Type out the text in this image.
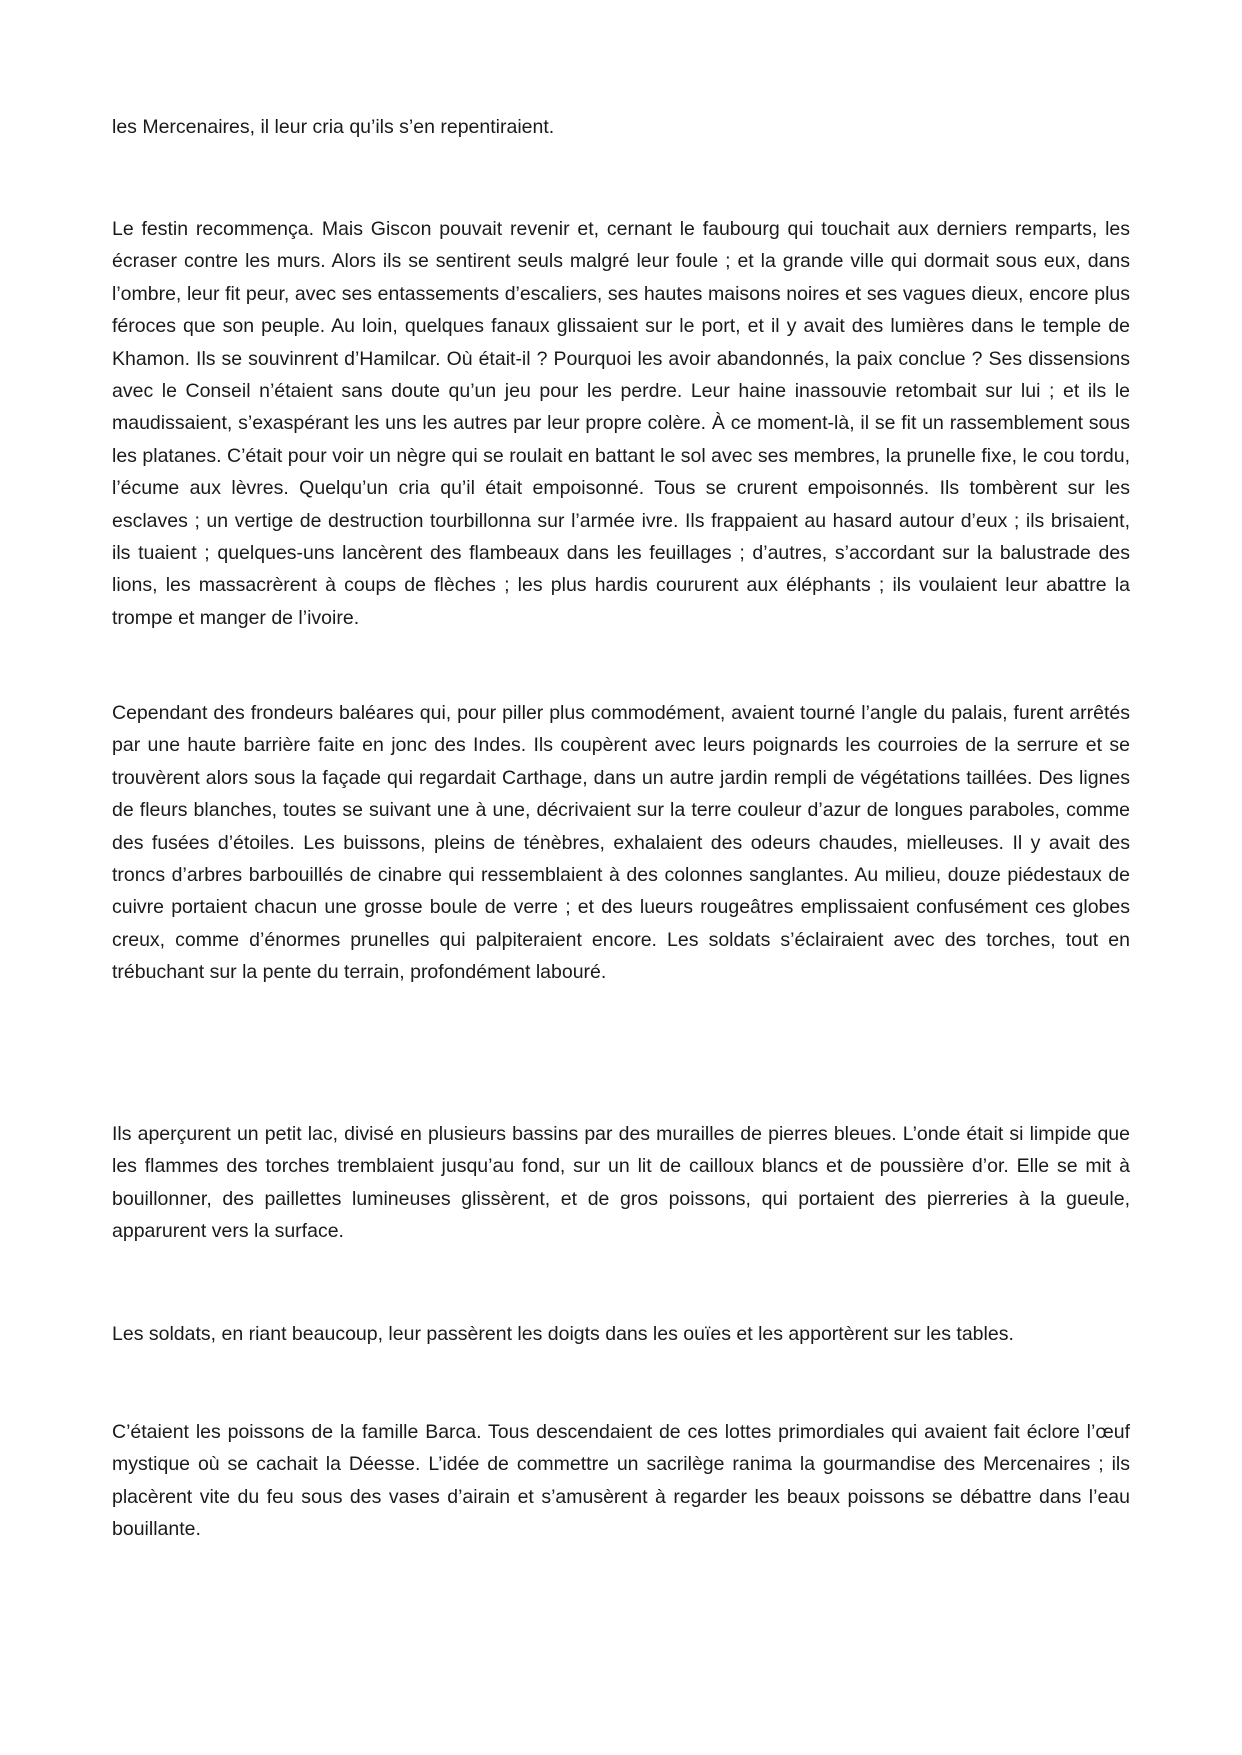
les Mercenaires, il leur cria qu’ils s’en repentiraient.

Le festin recommença. Mais Giscon pouvait revenir et, cernant le faubourg qui touchait aux derniers remparts, les écraser contre les murs. Alors ils se sentirent seuls malgré leur foule ; et la grande ville qui dormait sous eux, dans l’ombre, leur fit peur, avec ses entassements d’escaliers, ses hautes maisons noires et ses vagues dieux, encore plus féroces que son peuple. Au loin, quelques fanaux glissaient sur le port, et il y avait des lumières dans le temple de Khamon. Ils se souvinrent d’Hamilcar. Où était-il ? Pourquoi les avoir abandonnés, la paix conclue ? Ses dissensions avec le Conseil n’étaient sans doute qu’un jeu pour les perdre. Leur haine inassouvie retombait sur lui ; et ils le maudissaient, s’exaspérant les uns les autres par leur propre colère. À ce moment-là, il se fit un rassemblement sous les platanes. C’était pour voir un nègre qui se roulait en battant le sol avec ses membres, la prunelle fixe, le cou tordu, l’écume aux lèvres. Quelqu’un cria qu’il était empoisonné. Tous se crurent empoisonnés. Ils tombèrent sur les esclaves ; un vertige de destruction tourbillonna sur l’armée ivre. Ils frappaient au hasard autour d’eux ; ils brisaient, ils tuaient ; quelques-uns lancèrent des flambeaux dans les feuillages ; d’autres, s’accordant sur la balustrade des lions, les massacrèrent à coups de flèches ; les plus hardis coururent aux éléphants ; ils voulaient leur abattre la trompe et manger de l’ivoire.

Cependant des frondeurs baléares qui, pour piller plus commodément, avaient tourné l’angle du palais, furent arrêtés par une haute barrière faite en jonc des Indes. Ils coupèrent avec leurs poignards les courroies de la serrure et se trouvèrent alors sous la façade qui regardait Carthage, dans un autre jardin rempli de végétations taillées. Des lignes de fleurs blanches, toutes se suivant une à une, décrivaient sur la terre couleur d’azur de longues paraboles, comme des fusées d’étoiles. Les buissons, pleins de ténèbres, exhalaient des odeurs chaudes, mielleuses. Il y avait des troncs d’arbres barbouillés de cinabre qui ressemblaient à des colonnes sanglantes. Au milieu, douze piédestaux de cuivre portaient chacun une grosse boule de verre ; et des lueurs rougeâtres emplissaient confusément ces globes creux, comme d’énormes prunelles qui palpiteraient encore. Les soldats s’éclairaient avec des torches, tout en trébuchant sur la pente du terrain, profondément labouré.

Ils aperçurent un petit lac, divisé en plusieurs bassins par des murailles de pierres bleues. L’onde était si limpide que les flammes des torches tremblaient jusqu’au fond, sur un lit de cailloux blancs et de poussière d’or. Elle se mit à bouillonner, des paillettes lumineuses glissèrent, et de gros poissons, qui portaient des pierreries à la gueule, apparurent vers la surface.

Les soldats, en riant beaucoup, leur passèrent les doigts dans les ouïes et les apportèrent sur les tables.

C’étaient les poissons de la famille Barca. Tous descendaient de ces lottes primordiales qui avaient fait éclore l’œuf mystique où se cachait la Déesse. L’idée de commettre un sacrilège ranima la gourmandise des Mercenaires ; ils placèrent vite du feu sous des vases d’airain et s’amusèrent à regarder les beaux poissons se débattre dans l’eau bouillante.
